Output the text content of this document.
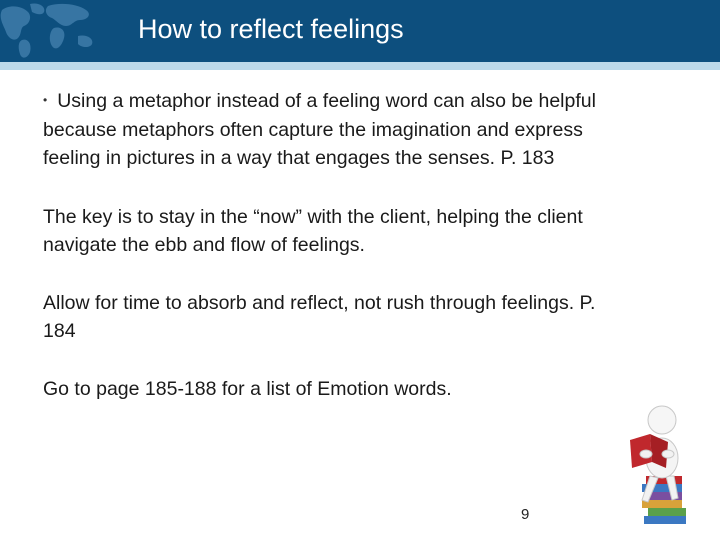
How to reflect feelings

• Using a metaphor instead of a feeling word can also be helpful because metaphors often capture the imagination and express feeling in pictures in a way that engages the senses. P. 183

The key is to stay in the “now” with the client, helping the client navigate the ebb and flow of feelings.

Allow for time to absorb and reflect, not rush through feelings. P. 184

Go to page 185-188 for a list of Emotion words.

9
